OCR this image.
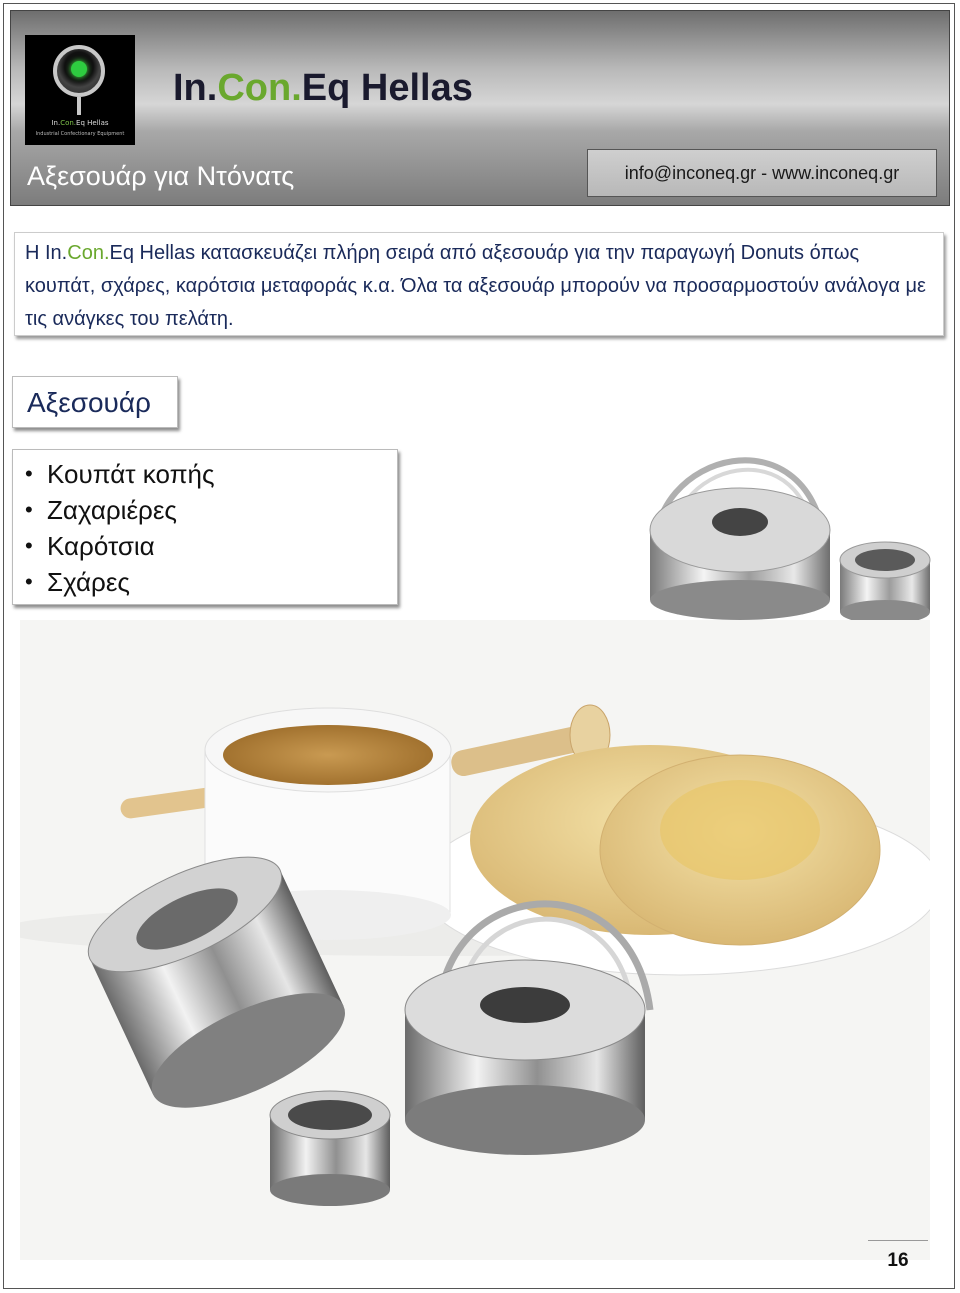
In.Con.Eq Hellas
Industrial Confectionary Equipment
In.Con.Eq Hellas
Αξεσουάρ για Ντόνατς	info@inconeq.gr - www.inconeq.gr
H In.Con.Eq Hellas κατασκευάζει πλήρη σειρά από αξεσουάρ για την παραγωγή Donuts όπως κουπάτ, σχάρες, καρότσια μεταφοράς κ.α. Όλα τα αξεσουάρ μπορούν να προσαρμοστούν ανάλογα με τις ανάγκες του πελάτη.
Αξεσουάρ
• Κουπάτ κοπής
• Ζαχαριέρες
• Καρότσια
• Σχάρες
16
